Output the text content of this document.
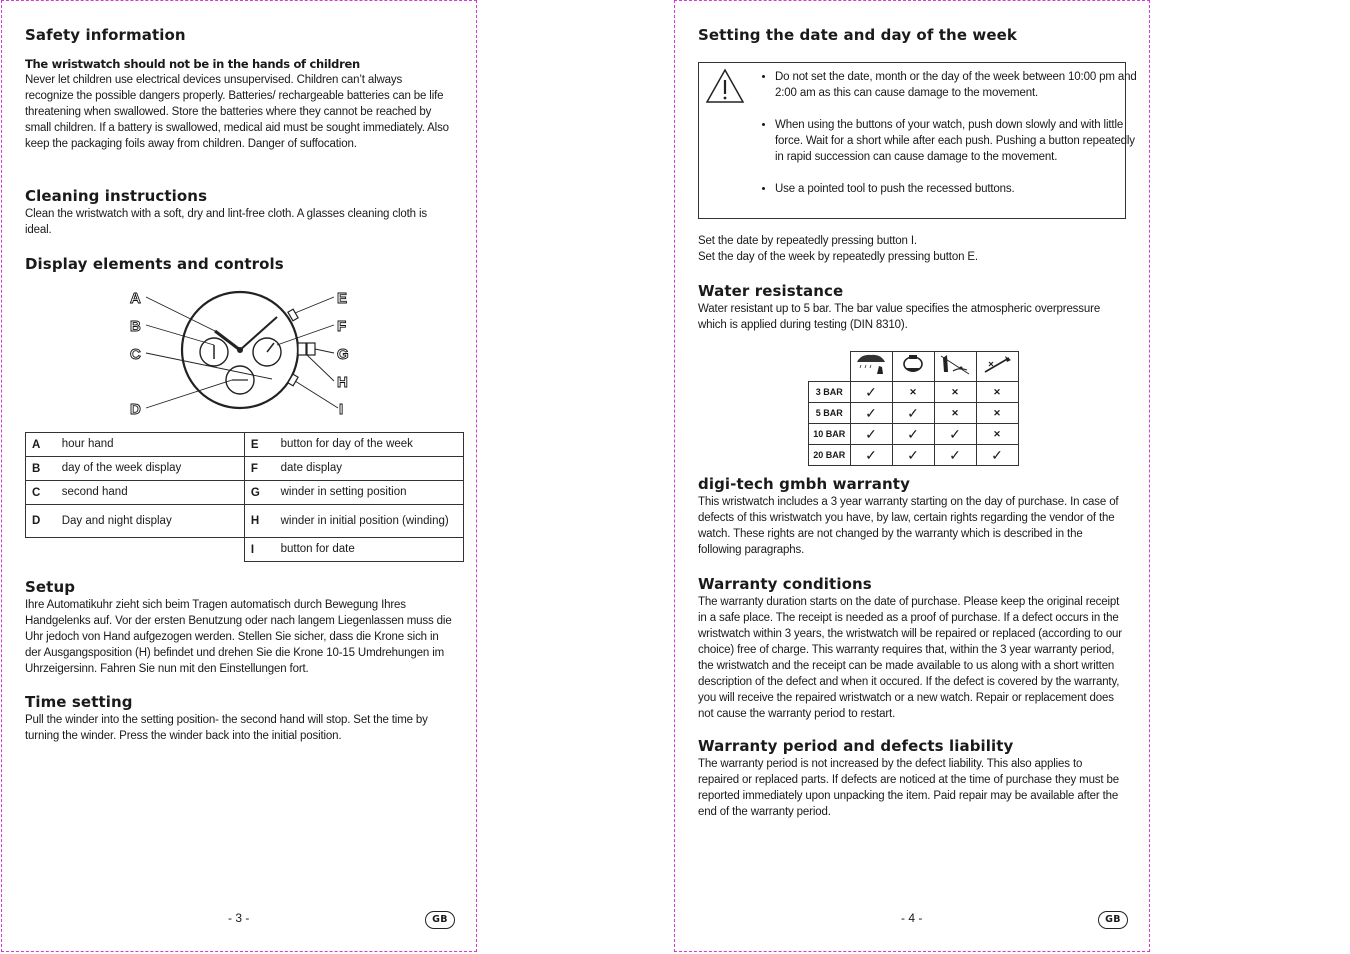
Safety information
The wristwatch should not be in the hands of children

Never let children use electrical devices unsupervised. Children can’t always recognize the possible dangers properly. Batteries/ rechargeable batteries can be life threatening when swallowed. Store the batteries where they cannot be reached by small children. If a battery is swallowed, medical aid must be sought immediately. Also keep the packaging foils away from children. Danger of suffocation.

Cleaning instructions

Clean the wristwatch with a soft, dry and lint-free cloth. A glasses cleaning cloth is ideal.

Display elements and controls
A
B
C
D
E
F
G
H
I
A	hour hand	E	button for day of the week
B	day of the week display	F	date display
C	second hand	G	winder in setting position
D	Day and night display	H	winder in initial position (winding)
		I	button for date
Setup

Ihre Automatikuhr zieht sich beim Tragen automatisch durch Bewegung Ihres Handgelenks auf. Vor der ersten Benutzung oder nach langem Liegenlassen muss die Uhr jedoch von Hand aufgezogen werden. Stellen Sie sicher, dass die Krone sich in der Ausgangsposition (H) befindet und drehen Sie die Krone 10-15 Umdrehungen im Uhrzeigersinn. Fahren Sie nun mit den Einstellungen fort.

Time setting

Pull the winder into the setting position- the second hand will stop. Set the time by turning the winder. Press the winder back into the initial position.

- 3 -	GB
Setting the date and day of the week
• Do not set the date, month or the day of the week between 10:00 pm and 2:00 am as this can cause damage to the movement.
• When using the buttons of your watch, push down slowly and with little force. Wait for a short while after each push. Pushing a button repeatedly in rapid succession can cause damage to the movement.
• Use a pointed tool to push the recessed buttons.

Set the date by repeatedly pressing button I.

Set the day of the week by repeatedly pressing button E.

Water resistance

Water resistant up to 5 bar. The bar value specifies the atmospheric overpressure which is applied during testing (DIN 8310).

3 BAR	✓	✕	✕	✕
5 BAR	✓	✓	✕	✕
10 BAR	✓	✓	✓	✕
20 BAR	✓	✓	✓	✓
digi-tech gmbh warranty

This wristwatch includes a 3 year warranty starting on the day of purchase. In case of defects of this wristwatch you have, by law, certain rights regarding the vendor of the watch. These rights are not changed by the warranty which is described in the following paragraphs.

Warranty conditions

The warranty duration starts on the date of purchase. Please keep the original receipt in a safe place. The receipt is needed as a proof of purchase. If a defect occurs in the wristwatch within 3 years, the wristwatch will be repaired or replaced (according to our choice) free of charge. This warranty requires that, within the 3 year warranty period, the wristwatch and the receipt can be made available to us along with a short written description of the defect and when it occured. If the defect is covered by the warranty, you will receive the repaired wristwatch or a new watch. Repair or replacement does not cause the warranty period to restart.

Warranty period and defects liability

The warranty period is not increased by the defect liability. This also applies to repaired or replaced parts. If defects are noticed at the time of purchase they must be reported immediately upon unpacking the item. Paid repair may be available after the end of the warranty period.

- 4 -	GB
